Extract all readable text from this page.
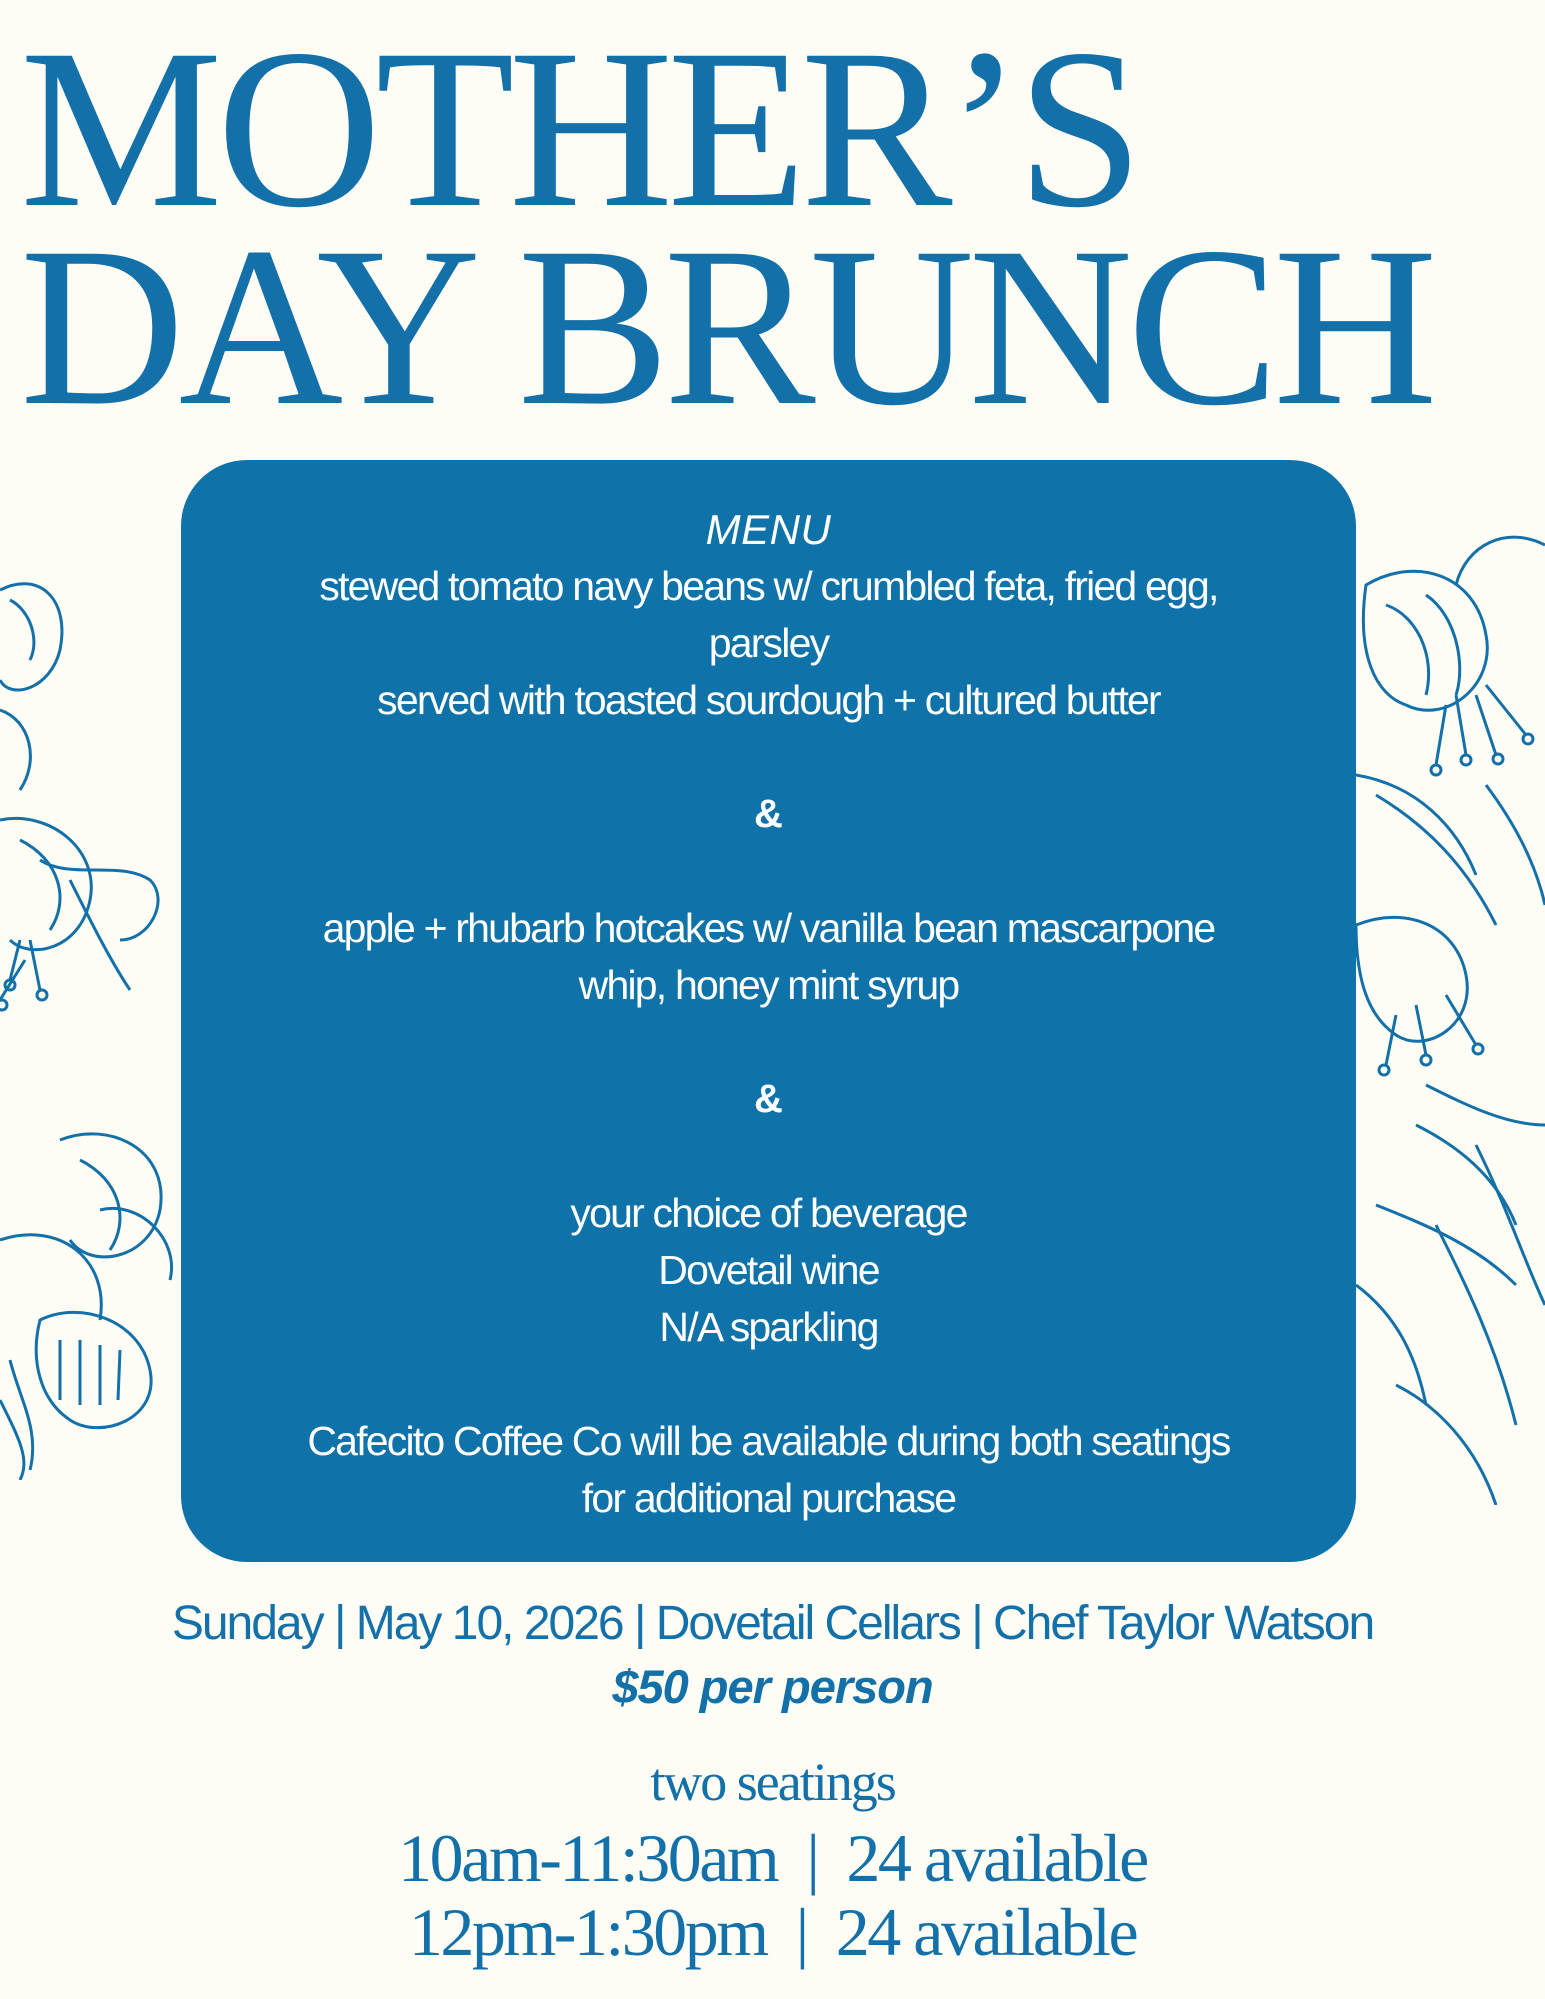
MOTHER’S
DAY BRUNCH
MENU
stewed tomato navy beans w/ crumbled feta, fried egg,
parsley
served with toasted sourdough + cultured butter
&
apple + rhubarb hotcakes w/ vanilla bean mascarpone
whip, honey mint syrup
&
your choice of beverage
Dovetail wine
N/A sparkling
Cafecito Coffee Co will be available during both seatings
for additional purchase
Sunday | May 10, 2026 | Dovetail Cellars | Chef Taylor Watson
$50 per person
two seatings
10am-11:30am  |  24 available
12pm-1:30pm  |  24 available
